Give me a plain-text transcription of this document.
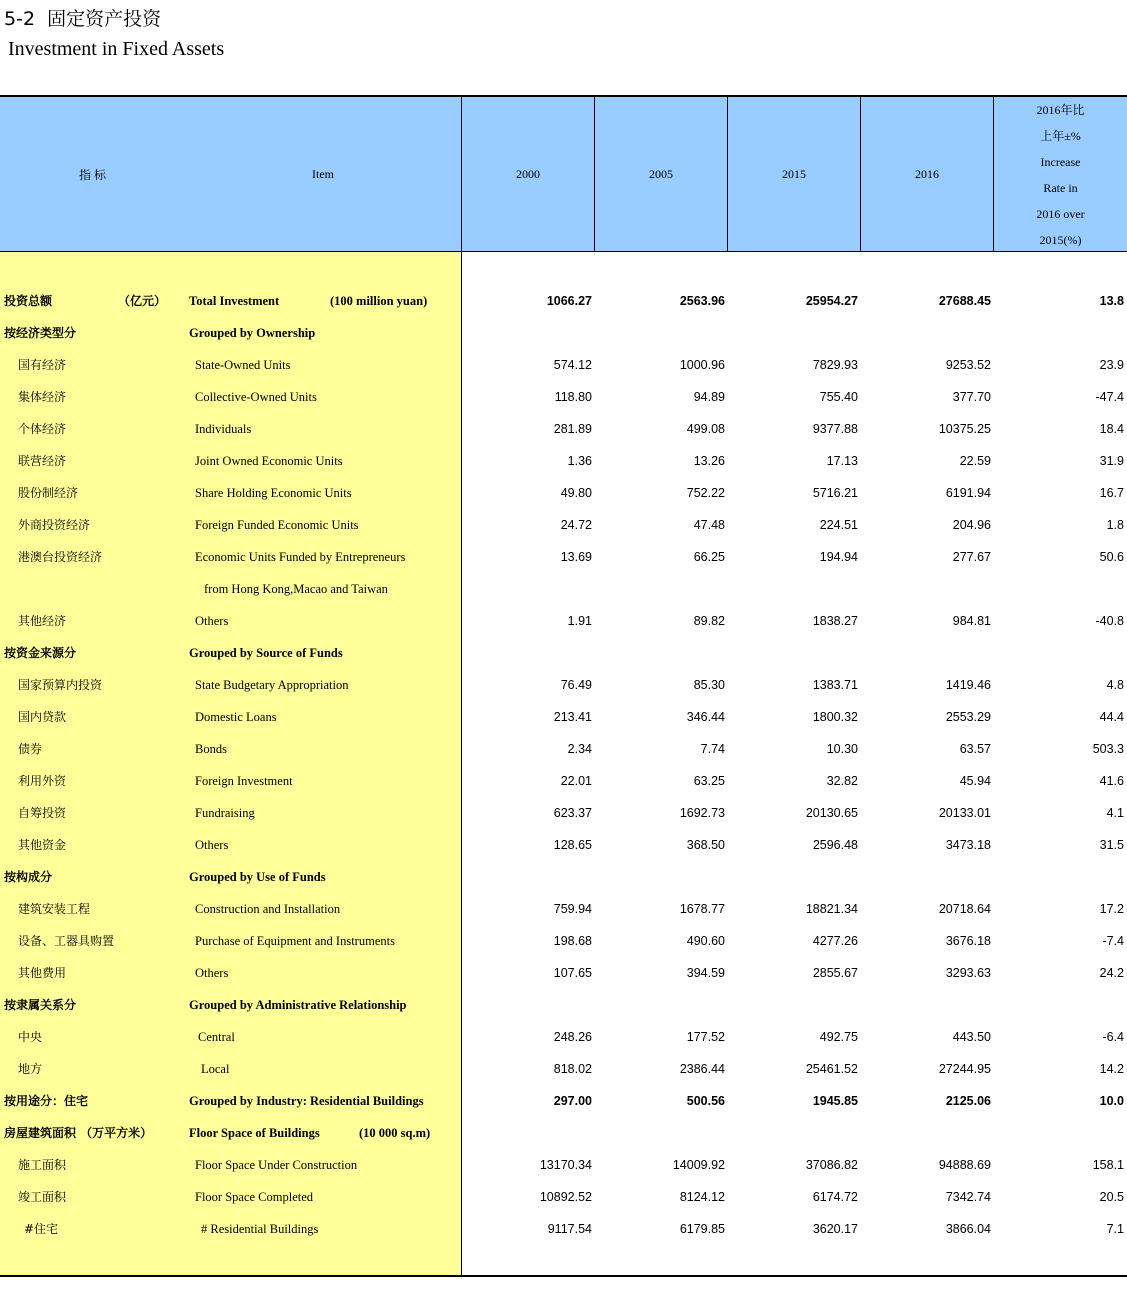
5-2  固定资产投资
Investment in Fixed Assets
指 标	Item	2000	2005	2015	2016
2016年比
上年±%
Increase
Rate in
2016 over
2015(%)
投资总额	（亿元） Total Investment	(100 million yuan)	1066.27	2563.96	25954.27	27688.45	13.8
按经济类型分	Grouped by Ownership
国有经济	State-Owned Units	574.12	1000.96	7829.93	9253.52	23.9
集体经济	Collective-Owned Units	118.80	94.89	755.40	377.70	-47.4
个体经济	Individuals	281.89	499.08	9377.88	10375.25	18.4
联营经济	Joint Owned Economic Units	1.36	13.26	17.13	22.59	31.9
股份制经济	Share Holding Economic Units	49.80	752.22	5716.21	6191.94	16.7
外商投资经济	Foreign Funded Economic Units	24.72	47.48	224.51	204.96	1.8
港澳台投资经济	Economic Units Funded by Entrepreneurs	13.69	66.25	194.94	277.67	50.6
from Hong Kong,Macao and Taiwan
其他经济	Others	1.91	89.82	1838.27	984.81	-40.8
按资金来源分	Grouped by Source of Funds
国家预算内投资	State Budgetary Appropriation	76.49	85.30	1383.71	1419.46	4.8
国内贷款	Domestic Loans	213.41	346.44	1800.32	2553.29	44.4
债券	Bonds	2.34	7.74	10.30	63.57	503.3
利用外资	Foreign Investment	22.01	63.25	32.82	45.94	41.6
自筹投资	Fundraising	623.37	1692.73	20130.65	20133.01	4.1
其他资金	Others	128.65	368.50	2596.48	3473.18	31.5
按构成分	Grouped by Use of Funds
建筑安装工程	Construction and Installation	759.94	1678.77	18821.34	20718.64	17.2
设备、工器具购置	Purchase of Equipment and Instruments	198.68	490.60	4277.26	3676.18	-7.4
其他费用	Others	107.65	394.59	2855.67	3293.63	24.2
按隶属关系分	Grouped by Administrative Relationship
中央	Central	248.26	177.52	492.75	443.50	-6.4
地方	Local	818.02	2386.44	25461.52	27244.95	14.2
按用途分：住宅	Grouped by Industry: Residential Buildings	297.00	500.56	1945.85	2125.06	10.0
房屋建筑面积 （万平方米）	Floor Space of Buildings	(10 000 sq.m)
施工面积	Floor Space Under Construction	13170.34	14009.92	37086.82	94888.69	158.1
竣工面积	Floor Space Completed	10892.52	8124.12	6174.72	7342.74	20.5
#住宅	# Residential Buildings	9117.54	6179.85	3620.17	3866.04	7.1
